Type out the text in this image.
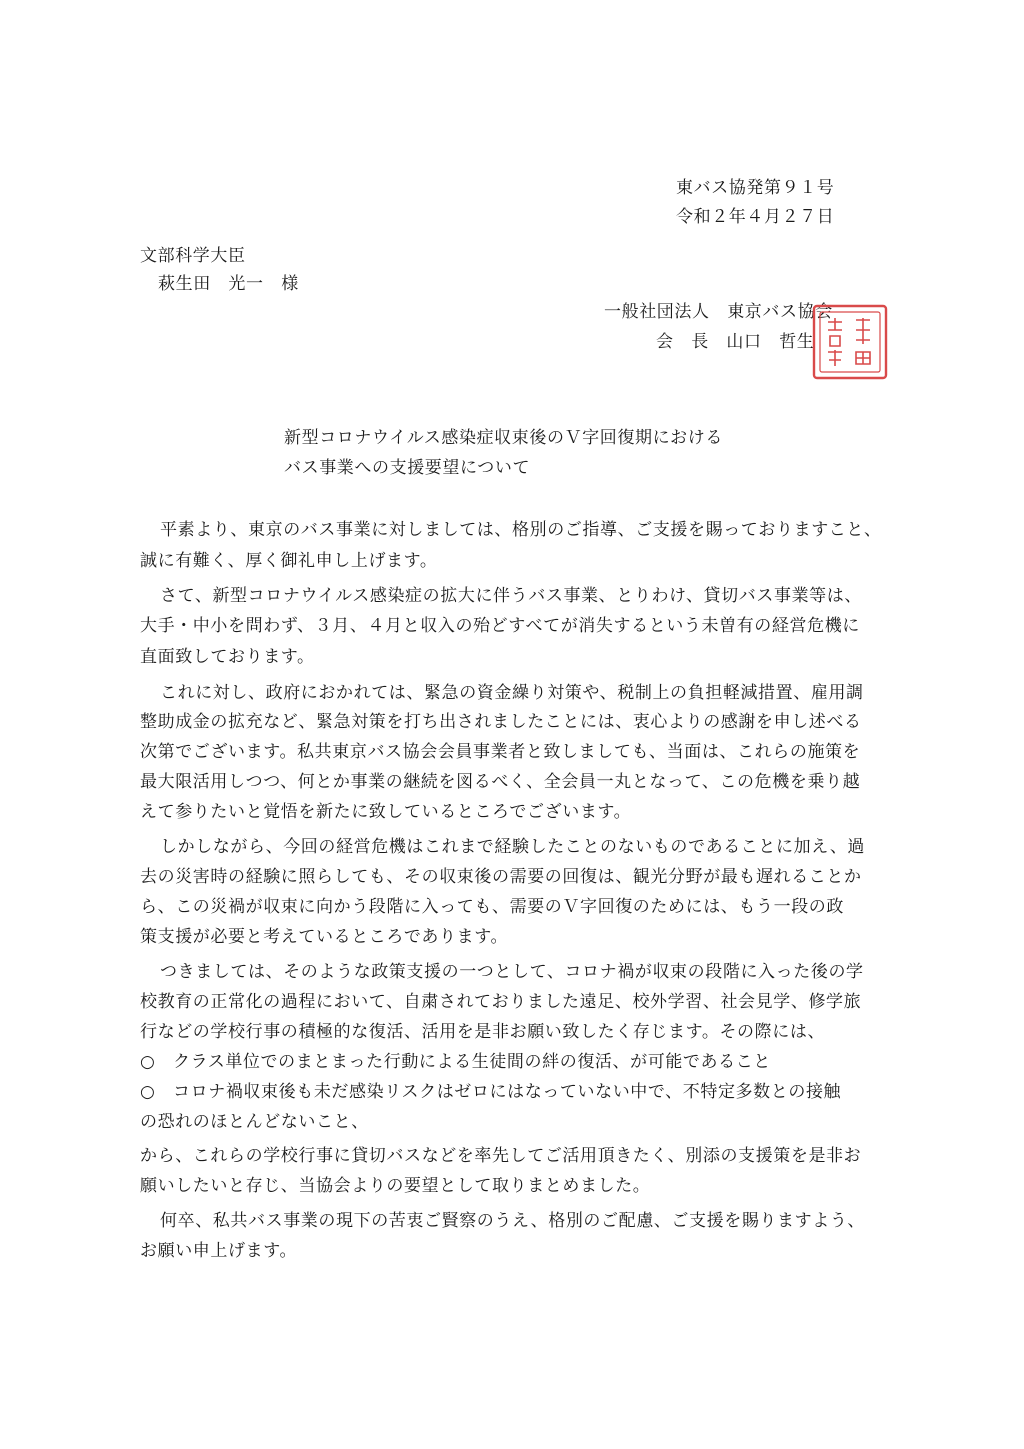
東バス協発第９１号
令和２年４月２７日
文部科学大臣
萩生田　光一　様
一般社団法人　東京バス協会
会　長　山口　哲生
新型コロナウイルス感染症収束後のＶ字回復期における
バス事業への支援要望について
平素より、東京のバス事業に対しましては、格別のご指導、ご支援を賜っておりますこと、
誠に有難く、厚く御礼申し上げます。
さて、新型コロナウイルス感染症の拡大に伴うバス事業、とりわけ、貸切バス事業等は、
大手・中小を問わず、３月、４月と収入の殆どすべてが消失するという未曽有の経営危機に
直面致しております。
これに対し、政府におかれては、緊急の資金繰り対策や、税制上の負担軽減措置、雇用調
整助成金の拡充など、緊急対策を打ち出されましたことには、衷心よりの感謝を申し述べる
次第でございます。私共東京バス協会会員事業者と致しましても、当面は、これらの施策を
最大限活用しつつ、何とか事業の継続を図るべく、全会員一丸となって、この危機を乗り越
えて参りたいと覚悟を新たに致しているところでございます。
しかしながら、今回の経営危機はこれまで経験したことのないものであることに加え、過
去の災害時の経験に照らしても、その収束後の需要の回復は、観光分野が最も遅れることか
ら、この災禍が収束に向かう段階に入っても、需要のＶ字回復のためには、もう一段の政
策支援が必要と考えているところであります。
つきましては、そのような政策支援の一つとして、コロナ禍が収束の段階に入った後の学
校教育の正常化の過程において、自粛されておりました遠足、校外学習、社会見学、修学旅
行などの学校行事の積極的な復活、活用を是非お願い致したく存じます。その際には、
○　クラス単位でのまとまった行動による生徒間の絆の復活、が可能であること
○　コロナ禍収束後も未だ感染リスクはゼロにはなっていない中で、不特定多数との接触
の恐れのほとんどないこと、
から、これらの学校行事に貸切バスなどを率先してご活用頂きたく、別添の支援策を是非お
願いしたいと存じ、当協会よりの要望として取りまとめました。
何卒、私共バス事業の現下の苦衷ご賢察のうえ、格別のご配慮、ご支援を賜りますよう、
お願い申上げます。
